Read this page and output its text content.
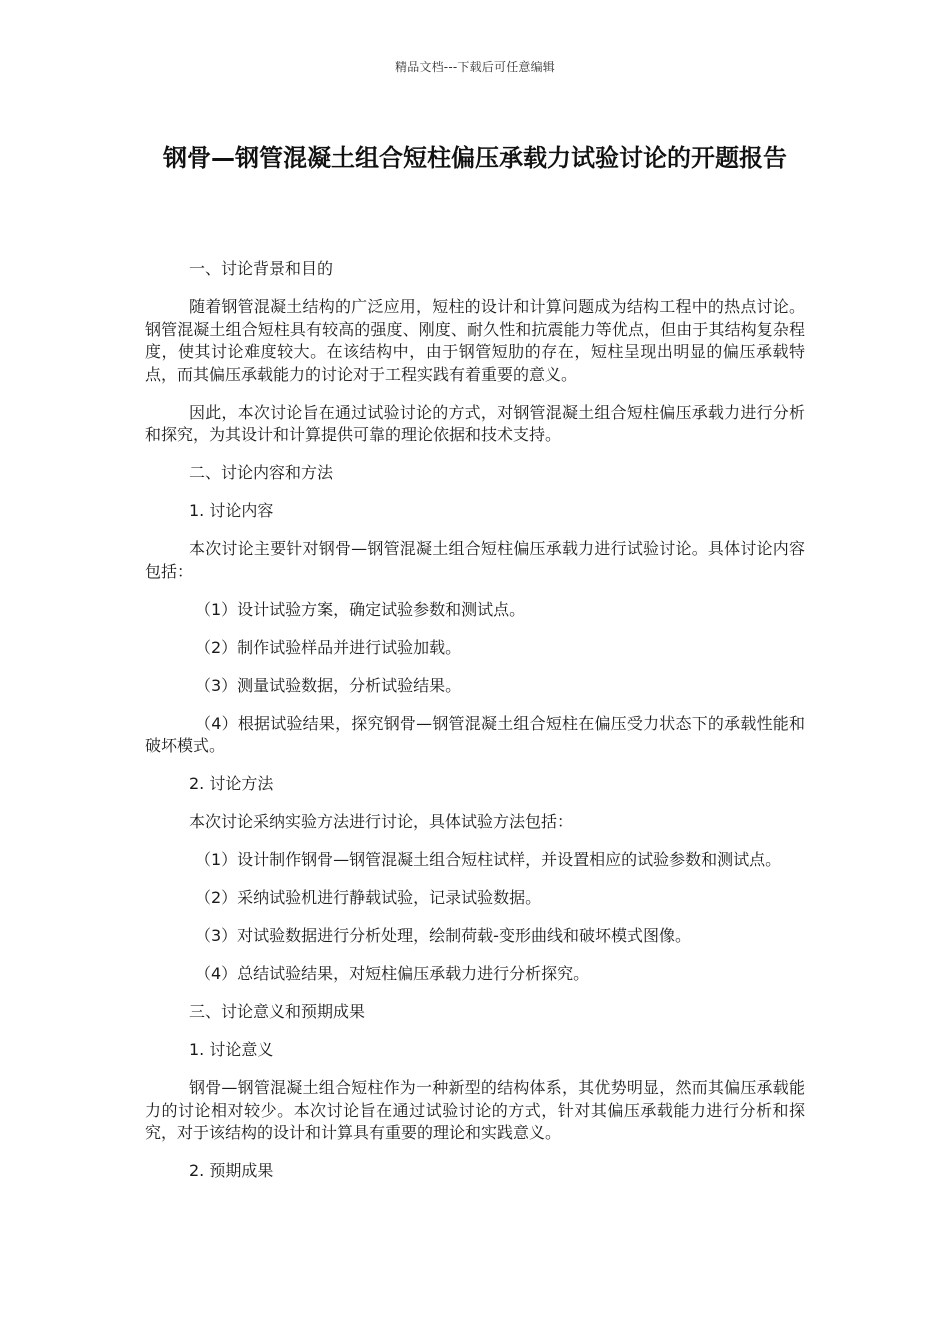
精品文档---下载后可任意编辑
钢骨—钢管混凝土组合短柱偏压承载力试验讨论的开题报告

一、讨论背景和目的

随着钢管混凝土结构的广泛应用，短柱的设计和计算问题成为结构工程中的热点讨论。钢管混凝土组合短柱具有较高的强度、刚度、耐久性和抗震能力等优点，但由于其结构复杂程度，使其讨论难度较大。在该结构中，由于钢管短肋的存在，短柱呈现出明显的偏压承载特点，而其偏压承载能力的讨论对于工程实践有着重要的意义。

因此，本次讨论旨在通过试验讨论的方式，对钢管混凝土组合短柱偏压承载力进行分析和探究，为其设计和计算提供可靠的理论依据和技术支持。

二、讨论内容和方法

1. 讨论内容

本次讨论主要针对钢骨—钢管混凝土组合短柱偏压承载力进行试验讨论。具体讨论内容包括：

（1）设计试验方案，确定试验参数和测试点。

（2）制作试验样品并进行试验加载。

（3）测量试验数据，分析试验结果。

（4）根据试验结果，探究钢骨—钢管混凝土组合短柱在偏压受力状态下的承载性能和破坏模式。

2. 讨论方法

本次讨论采纳实验方法进行讨论，具体试验方法包括：

（1）设计制作钢骨—钢管混凝土组合短柱试样，并设置相应的试验参数和测试点。

（2）采纳试验机进行静载试验，记录试验数据。

（3）对试验数据进行分析处理，绘制荷载-变形曲线和破坏模式图像。

（4）总结试验结果，对短柱偏压承载力进行分析探究。

三、讨论意义和预期成果

1. 讨论意义

钢骨—钢管混凝土组合短柱作为一种新型的结构体系，其优势明显，然而其偏压承载能力的讨论相对较少。本次讨论旨在通过试验讨论的方式，针对其偏压承载能力进行分析和探究，对于该结构的设计和计算具有重要的理论和实践意义。

2. 预期成果
